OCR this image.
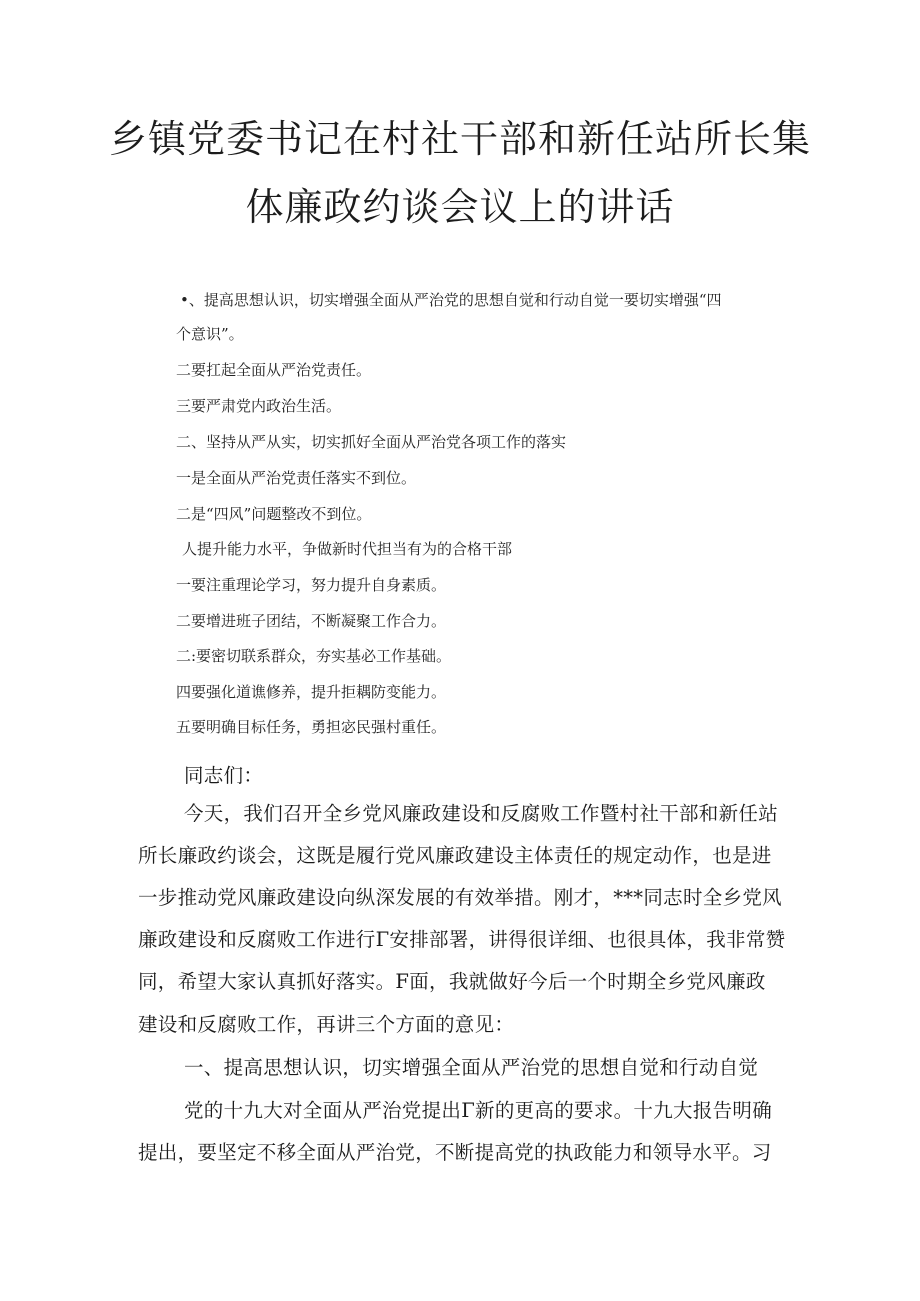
乡镇党委书记在村社干部和新任站所长集
体廉政约谈会议上的讲话
•、提高思想认识，切实增强全面从严治党的思想自觉和行动自觉一要切实增强“四
个意识”。
二要扛起全面从严治党责任。
三要严肃党内政治生活。
二、坚持从严从实，切实抓好全面从严治党各项工作的落实
一是全面从严治党责任落实不到位。
二是“四风”问题整改不到位。
人提升能力水平，争做新时代担当有为的合格干部
一要注重理论学习，努力提升自身素质。
二要增进班子团结，不断凝聚工作合力。
二:要密切联系群众，夯实基必工作基础。
四要强化道谯修养，提升拒耦防变能力。
五要明确目标任务，勇担宓民强村重任。
同志们：
今天，我们召开全乡党风廉政建设和反腐败工作暨村社干部和新任站
所长廉政约谈会，这既是履行党风廉政建设主体责任的规定动作，也是进
一步推动党风廉政建设向纵深发展的有效举措。刚才，***同志时全乡党风
廉政建设和反腐败工作进行Γ安排部署，讲得很详细、也很具体，我非常赞
同，希望大家认真抓好落实。F面，我就做好今后一个时期全乡党风廉政
建设和反腐败工作，再讲三个方面的意见：
一、提高思想认识，切实增强全面从严治党的思想自觉和行动自觉
党的十九大对全面从严治党提出Γ新的更高的要求。十九大报告明确
提出，要坚定不移全面从严治党，不断提高党的执政能力和领导水平。习
